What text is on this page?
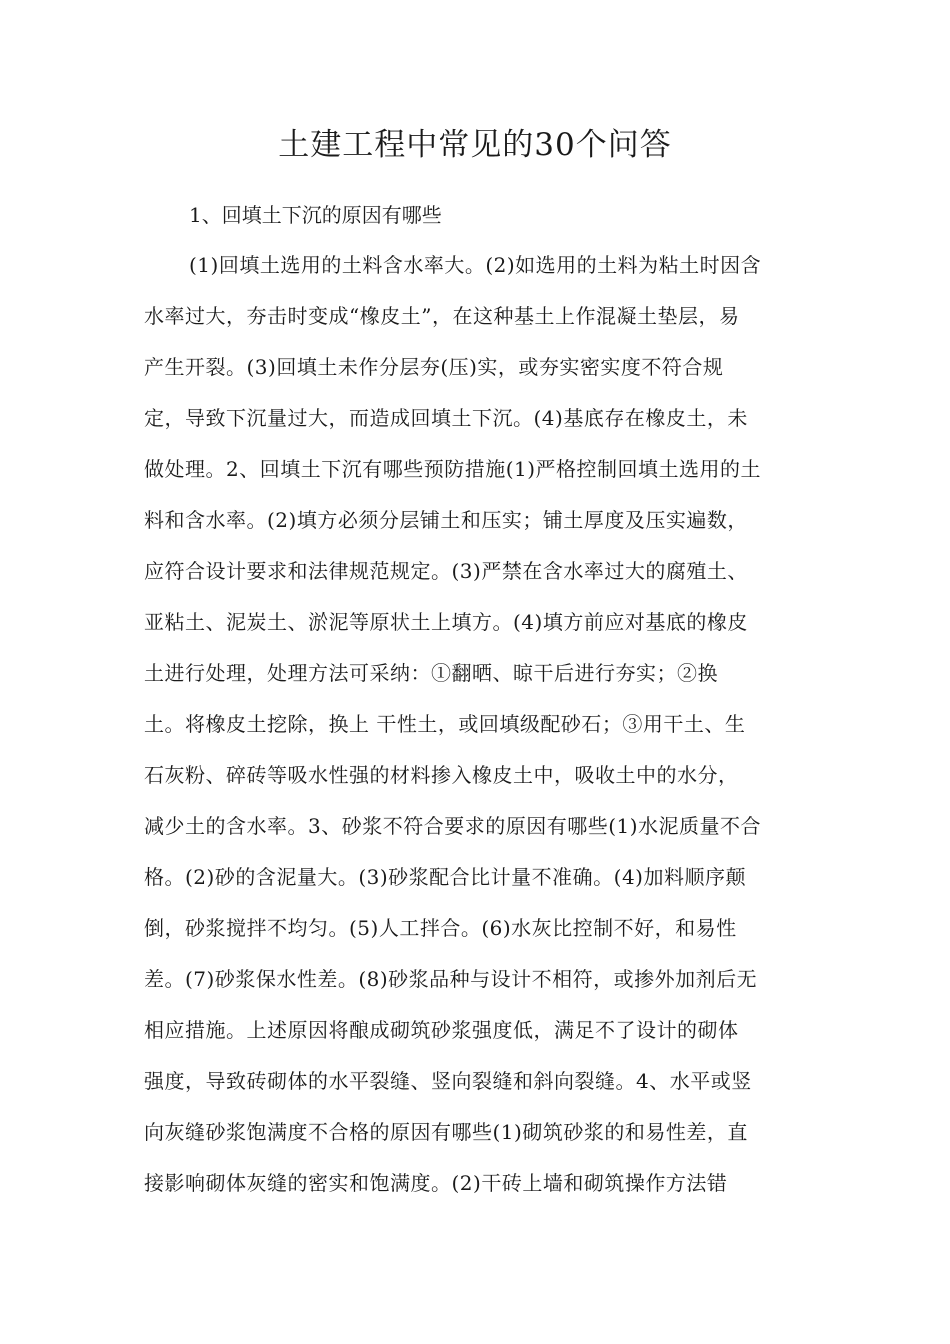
土建工程中常见的30个问答

1、回填土下沉的原因有哪些

(1)回填土选用的土料含水率大。(2)如选用的土料为粘土时因含
水率过大，夯击时变成“橡皮土”，在这种基土上作混凝土垫层，易
产生开裂。(3)回填土未作分层夯(压)实，或夯实密实度不符合规
定，导致下沉量过大，而造成回填土下沉。(4)基底存在橡皮土，未
做处理。2、回填土下沉有哪些预防措施(1)严格控制回填土选用的土
料和含水率。(2)填方必须分层铺土和压实；铺土厚度及压实遍数，
应符合设计要求和法律规范规定。(3)严禁在含水率过大的腐殖土、
亚粘土、泥炭土、淤泥等原状土上填方。(4)填方前应对基底的橡皮
土进行处理，处理方法可采纳：①翻晒、晾干后进行夯实；②换
土。将橡皮土挖除，换上 干性土，或回填级配砂石；③用干土、生
石灰粉、碎砖等吸水性强的材料掺入橡皮土中，吸收土中的水分，
减少土的含水率。3、砂浆不符合要求的原因有哪些(1)水泥质量不合
格。(2)砂的含泥量大。(3)砂浆配合比计量不准确。(4)加料顺序颠
倒，砂浆搅拌不均匀。(5)人工拌合。(6)水灰比控制不好，和易性
差。(7)砂浆保水性差。(8)砂浆品种与设计不相符，或掺外加剂后无
相应措施。上述原因将酿成砌筑砂浆强度低，满足不了设计的砌体
强度，导致砖砌体的水平裂缝、竖向裂缝和斜向裂缝。4、水平或竖
向灰缝砂浆饱满度不合格的原因有哪些(1)砌筑砂浆的和易性差，直
接影响砌体灰缝的密实和饱满度。(2)干砖上墙和砌筑操作方法错
